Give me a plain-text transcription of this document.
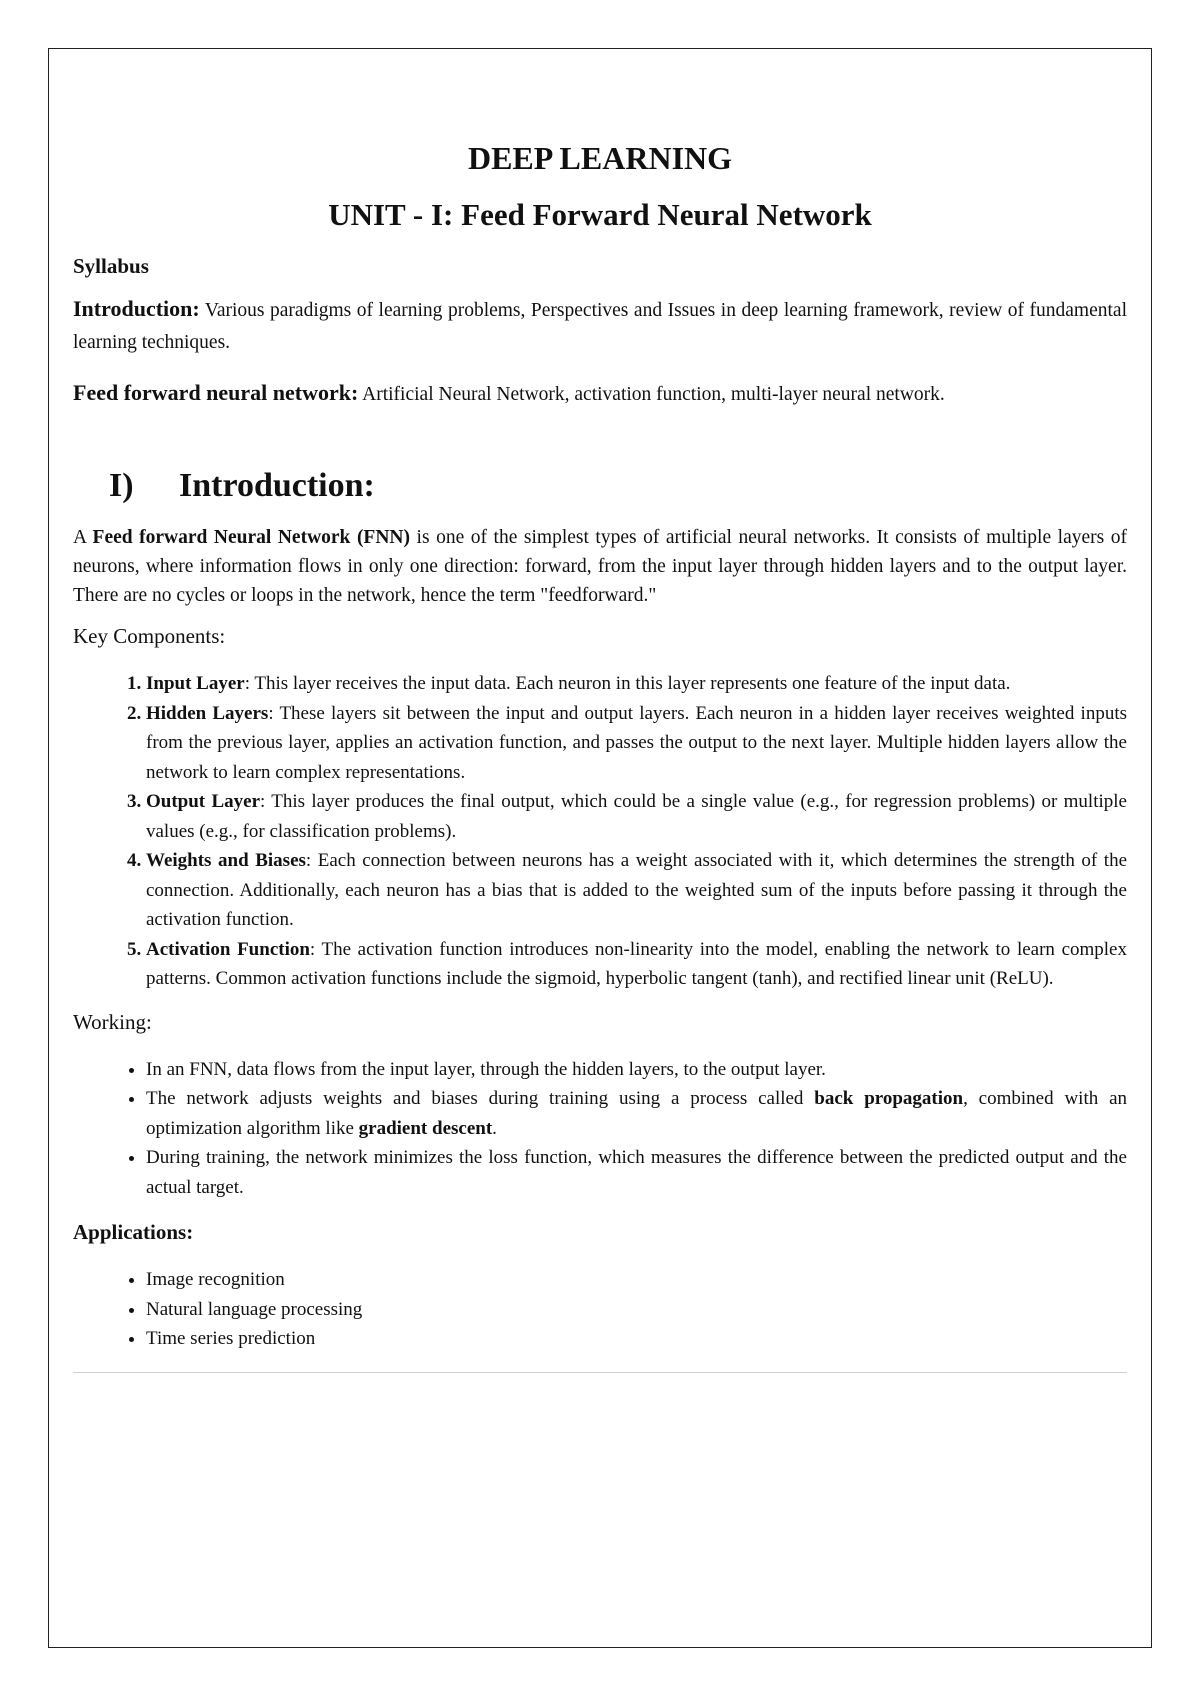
DEEP LEARNING
UNIT - I: Feed Forward Neural Network
Syllabus

Introduction: Various paradigms of learning problems, Perspectives and Issues in deep learning framework, review of fundamental learning techniques.

Feed forward neural network: Artificial Neural Network, activation function, multi-layer neural network.

I)	Introduction:

A Feed forward Neural Network (FNN) is one of the simplest types of artificial neural networks. It consists of multiple layers of neurons, where information flows in only one direction: forward, from the input layer through hidden layers and to the output layer. There are no cycles or loops in the network, hence the term "feedforward."

Key Components:
1. Input Layer: This layer receives the input data. Each neuron in this layer represents one feature of the input data.
2. Hidden Layers: These layers sit between the input and output layers. Each neuron in a hidden layer receives weighted inputs from the previous layer, applies an activation function, and passes the output to the next layer. Multiple hidden layers allow the network to learn complex representations.
3. Output Layer: This layer produces the final output, which could be a single value (e.g., for regression problems) or multiple values (e.g., for classification problems).
4. Weights and Biases: Each connection between neurons has a weight associated with it, which determines the strength of the connection. Additionally, each neuron has a bias that is added to the weighted sum of the inputs before passing it through the activation function.
5. Activation Function: The activation function introduces non-linearity into the model, enabling the network to learn complex patterns. Common activation functions include the sigmoid, hyperbolic tangent (tanh), and rectified linear unit (ReLU).
Working:
• In an FNN, data flows from the input layer, through the hidden layers, to the output layer.
• The network adjusts weights and biases during training using a process called back propagation, combined with an optimization algorithm like gradient descent.
• During training, the network minimizes the loss function, which measures the difference between the predicted output and the actual target.
Applications:
• Image recognition
• Natural language processing
• Time series prediction
